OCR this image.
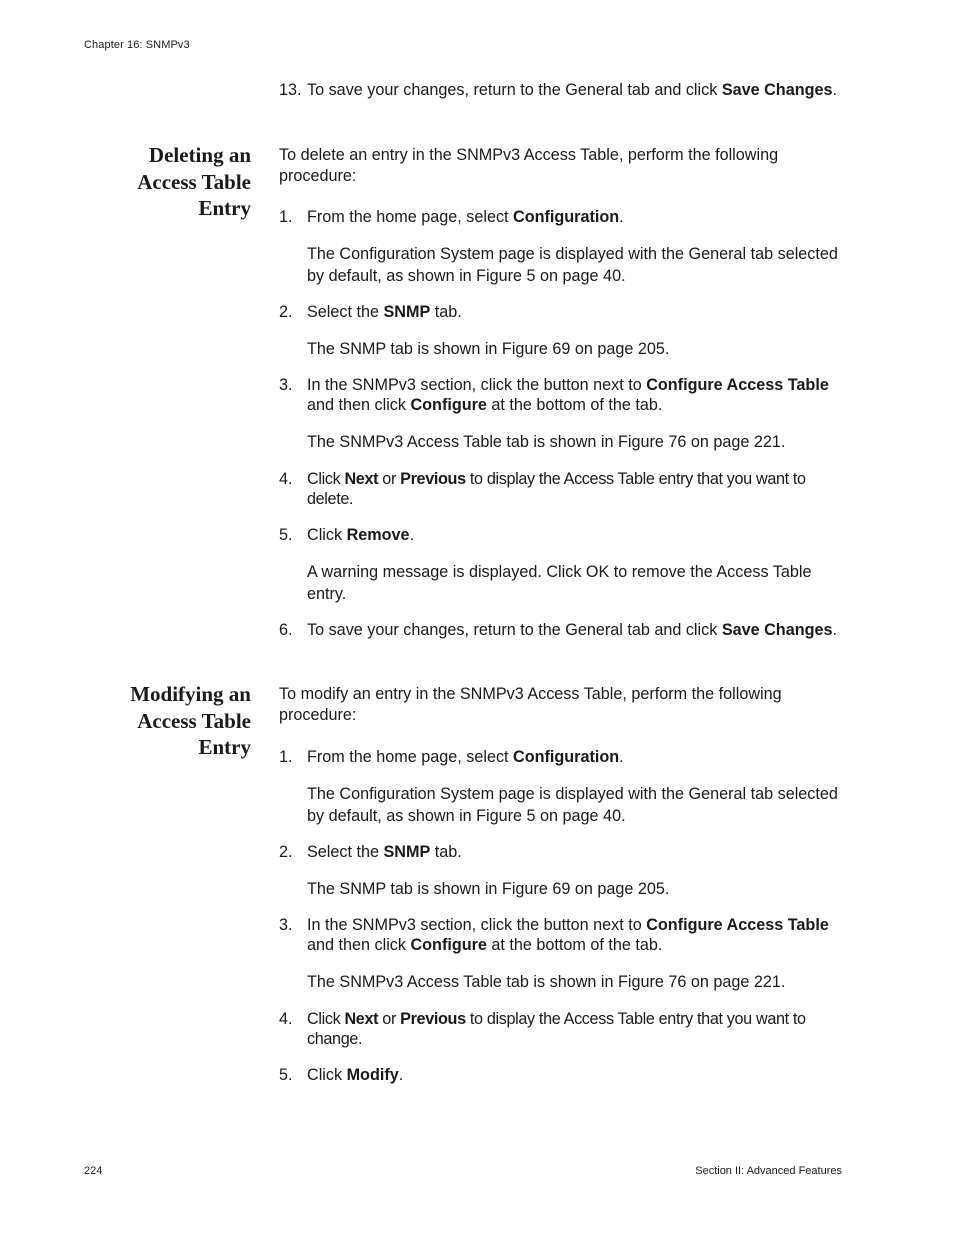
Chapter 16: SNMPv3
13. To save your changes, return to the General tab and click Save Changes.
Deleting an Access Table Entry
To delete an entry in the SNMPv3 Access Table, perform the following procedure:
1. From the home page, select Configuration.
The Configuration System page is displayed with the General tab selected by default, as shown in Figure 5 on page 40.
2. Select the SNMP tab.
The SNMP tab is shown in Figure 69 on page 205.
3. In the SNMPv3 section, click the button next to Configure Access Table and then click Configure at the bottom of the tab.
The SNMPv3 Access Table tab is shown in Figure 76 on page 221.
4. Click Next or Previous to display the Access Table entry that you want to delete.
5. Click Remove.
A warning message is displayed. Click OK to remove the Access Table entry.
6. To save your changes, return to the General tab and click Save Changes.
Modifying an Access Table Entry
To modify an entry in the SNMPv3 Access Table, perform the following procedure:
1. From the home page, select Configuration.
The Configuration System page is displayed with the General tab selected by default, as shown in Figure 5 on page 40.
2. Select the SNMP tab.
The SNMP tab is shown in Figure 69 on page 205.
3. In the SNMPv3 section, click the button next to Configure Access Table and then click Configure at the bottom of the tab.
The SNMPv3 Access Table tab is shown in Figure 76 on page 221.
4. Click Next or Previous to display the Access Table entry that you want to change.
5. Click Modify.
224	Section II: Advanced Features
